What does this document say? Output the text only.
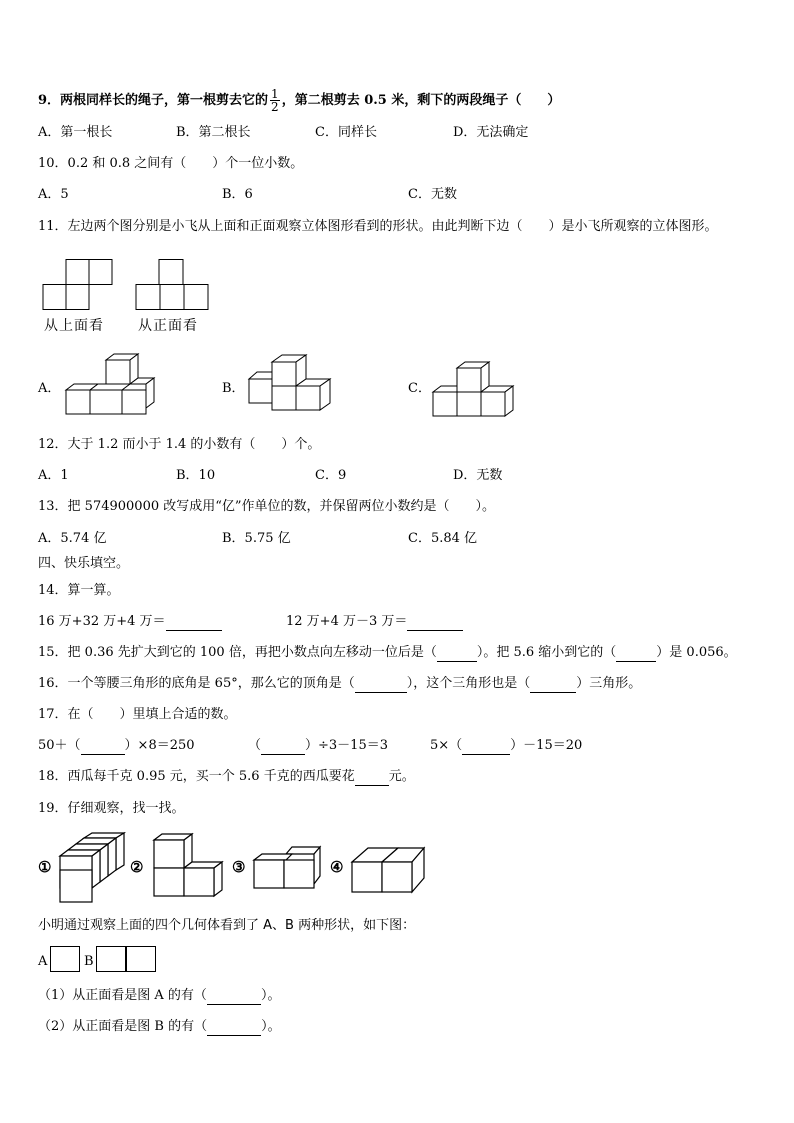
9．两根同样长的绳子，第一根剪去它的 $\frac{1}{2}$ ，第二根剪去 0.5 米，剩下的两段绳子（　　）
A．第一根长	B．第二根长	C．同样长	D．无法确定
10．0.2 和 0.8 之间有（　　）个一位小数。
A．5	B．6	C．无数
11．左边两个图分别是小飞从上面和正面观察立体图形看到的形状。由此判断下边（　　）是小飞所观察的立体图形。
从上面看 从正面看
A．	B．	C．
12．大于 1.2 而小于 1.4 的小数有（　　）个。
A．1	B．10	C．9	D．无数
13．把 574900000 改写成用“亿”作单位的数，并保留两位小数约是（　　）。
A．5.74 亿	B．5.75 亿	C．5.84 亿
四、快乐填空。
14．算一算。
16 万+32 万+4 万＝	12 万+4 万－3 万＝
15．把 0.36 先扩大到它的 100 倍，再把小数点向左移动一位后是（	）。把 5.6 缩小到它的（	）是 0.056。
16．一个等腰三角形的底角是 65°，那么它的顶角是（	），这个三角形也是（	）三角形。
17．在（　　）里填上合适的数。
50＋（	）×8＝250	（	）÷3－15＝3	5×（	）－15＝20
18．西瓜每千克 0.95 元，买一个 5.6 千克的西瓜要花	元。
19．仔细观察，找一找。
①	②	③	④
小明通过观察上面的四个几何体看到了 A、B 两种形状，如下图：
A	B
（1）从正面看是图 A 的有（	）。
（2）从正面看是图 B 的有（	）。
